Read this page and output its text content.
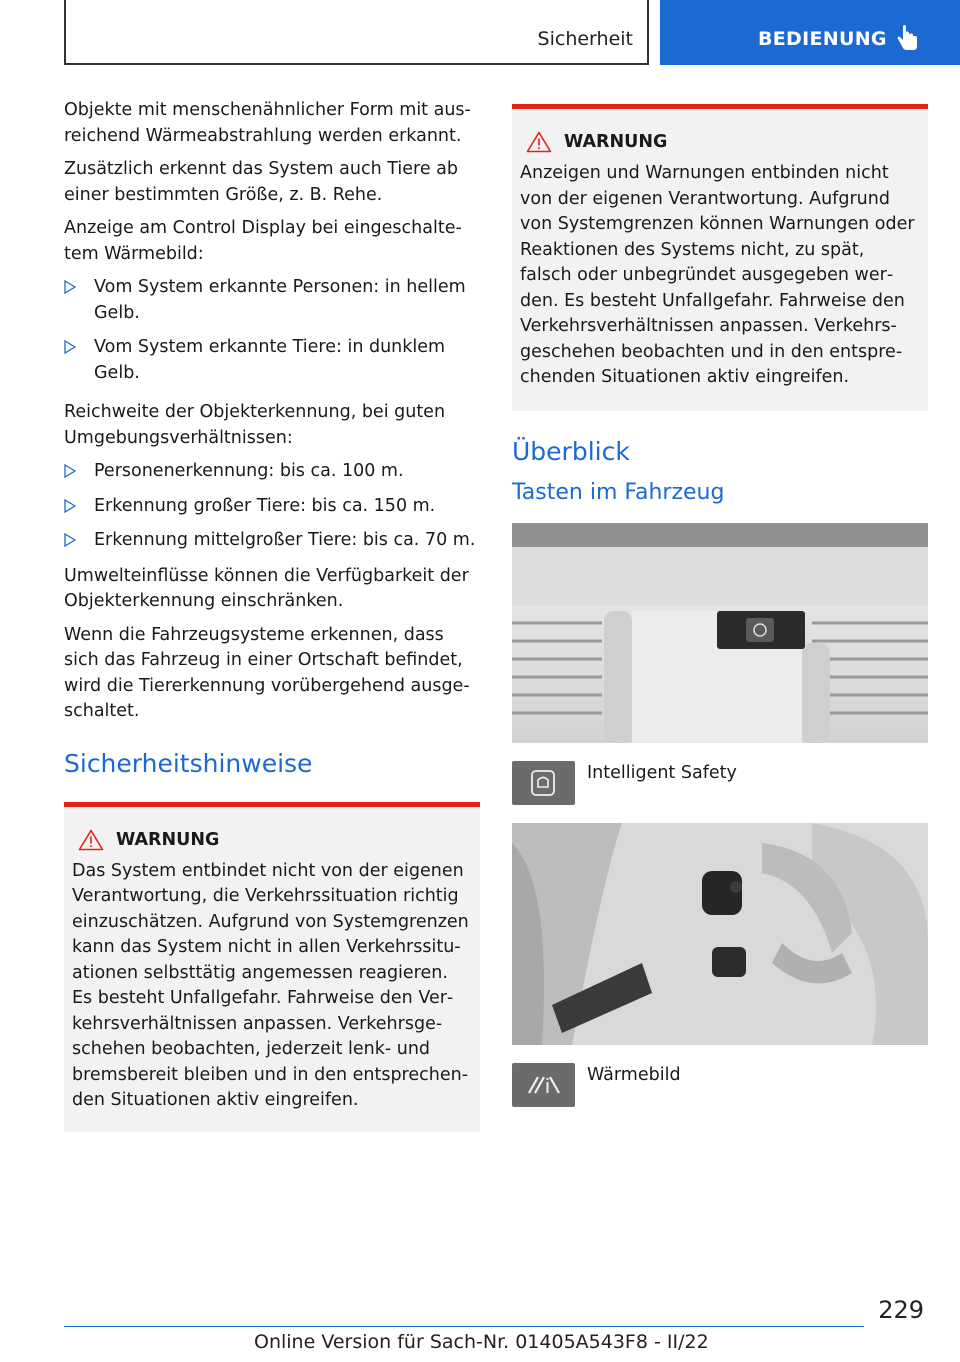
Sicherheit	BEDIENUNG

Objekte mit menschenähnlicher Form mit ausreichend Wärmeabstrahlung werden erkannt.

Zusätzlich erkennt das System auch Tiere ab einer bestimmten Größe, z. B. Rehe.

Anzeige am Control Display bei eingeschaltetem Wärmebild:

Vom System erkannte Personen: in hellem Gelb.
Vom System erkannte Tiere: in dunklem Gelb.

Reichweite der Objekterkennung, bei guten Umgebungsverhältnissen:

Personenerkennung: bis ca. 100 m.
Erkennung großer Tiere: bis ca. 150 m.
Erkennung mittelgroßer Tiere: bis ca. 70 m.

Umwelteinflüsse können die Verfügbarkeit der Objekterkennung einschränken.

Wenn die Fahrzeugsysteme erkennen, dass sich das Fahrzeug in einer Ortschaft befindet, wird die Tiererkennung vorübergehend ausgeschaltet.

Sicherheitshinweise
WARNUNG

Das System entbindet nicht von der eigenen Verantwortung, die Verkehrssituation richtig einzuschätzen. Aufgrund von Systemgrenzen kann das System nicht in allen Verkehrssituationen selbsttätig angemessen reagieren. Es besteht Unfallgefahr. Fahrweise den Verkehrsverhältnissen anpassen. Verkehrsgeschehen beobachten, jederzeit lenk- und bremsbereit bleiben und in den entsprechenden Situationen aktiv eingreifen.

WARNUNG

Anzeigen und Warnungen entbinden nicht von der eigenen Verantwortung. Aufgrund von Systemgrenzen können Warnungen oder Reaktionen des Systems nicht, zu spät, falsch oder unbegründet ausgegeben werden. Es besteht Unfallgefahr. Fahrweise den Verkehrsverhältnissen anpassen. Verkehrsgeschehen beobachten und in den entsprechenden Situationen aktiv eingreifen.

Überblick
Tasten im Fahrzeug
Intelligent Safety
Wärmebild
229
Online Version für Sach-Nr. 01405A543F8 - II/22
